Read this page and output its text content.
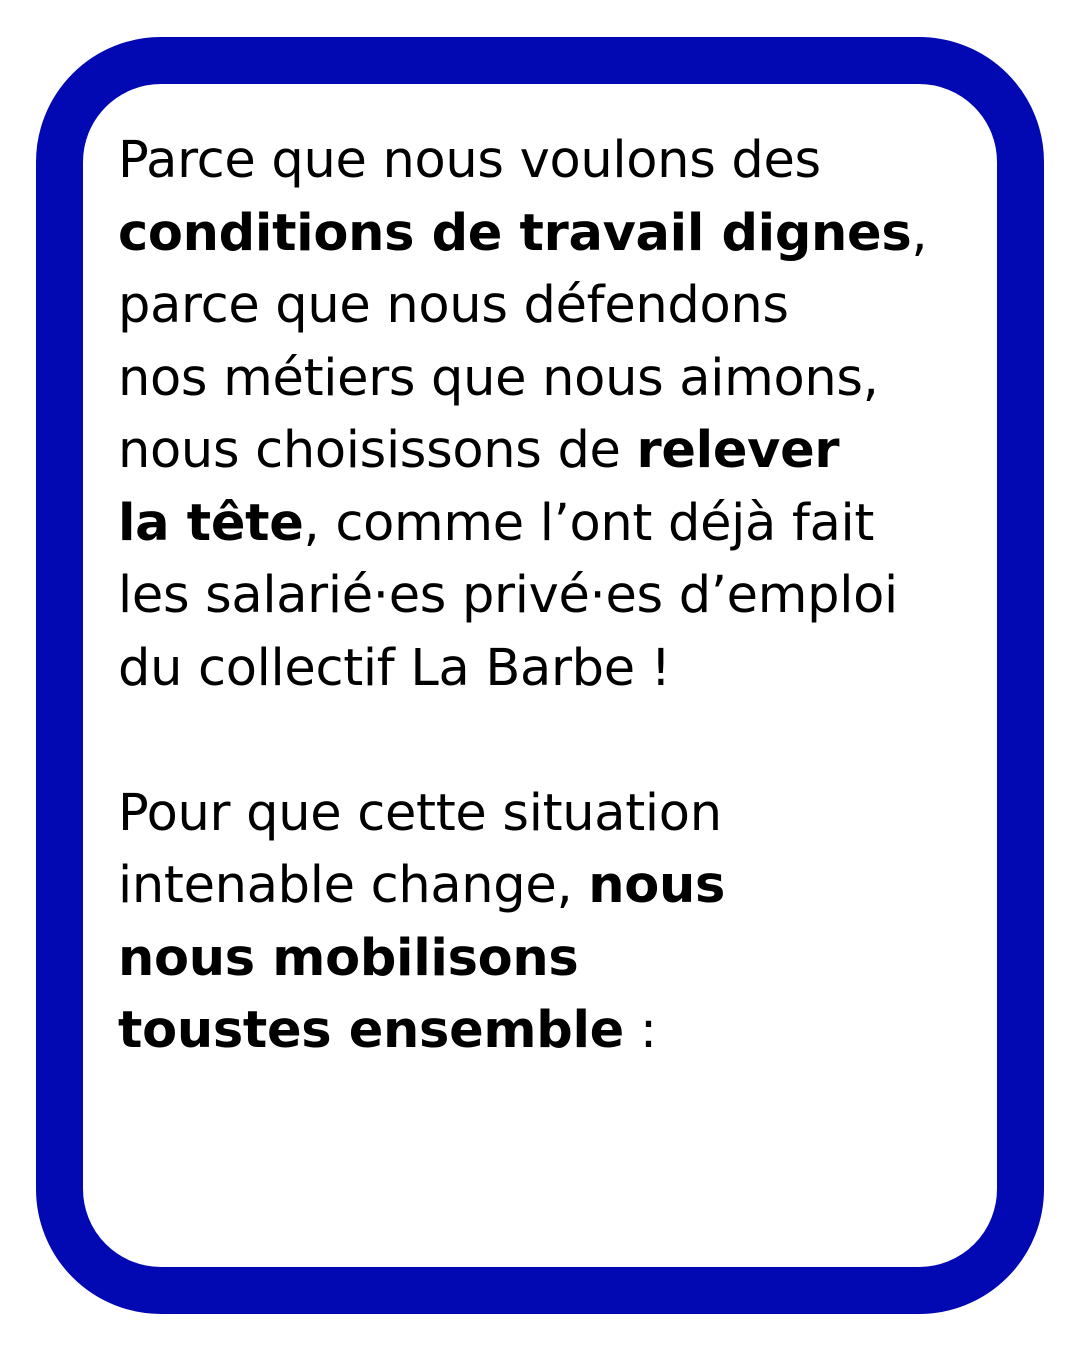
Parce que nous voulons des
conditions de travail dignes,
parce que nous défendons
nos métiers que nous aimons,
nous choisissons de relever
la tête, comme l’ont déjà fait
les salarié·es privé·es d’emploi
du collectif La Barbe !
Pour que cette situation
intenable change, nous
nous mobilisons
toustes ensemble :
